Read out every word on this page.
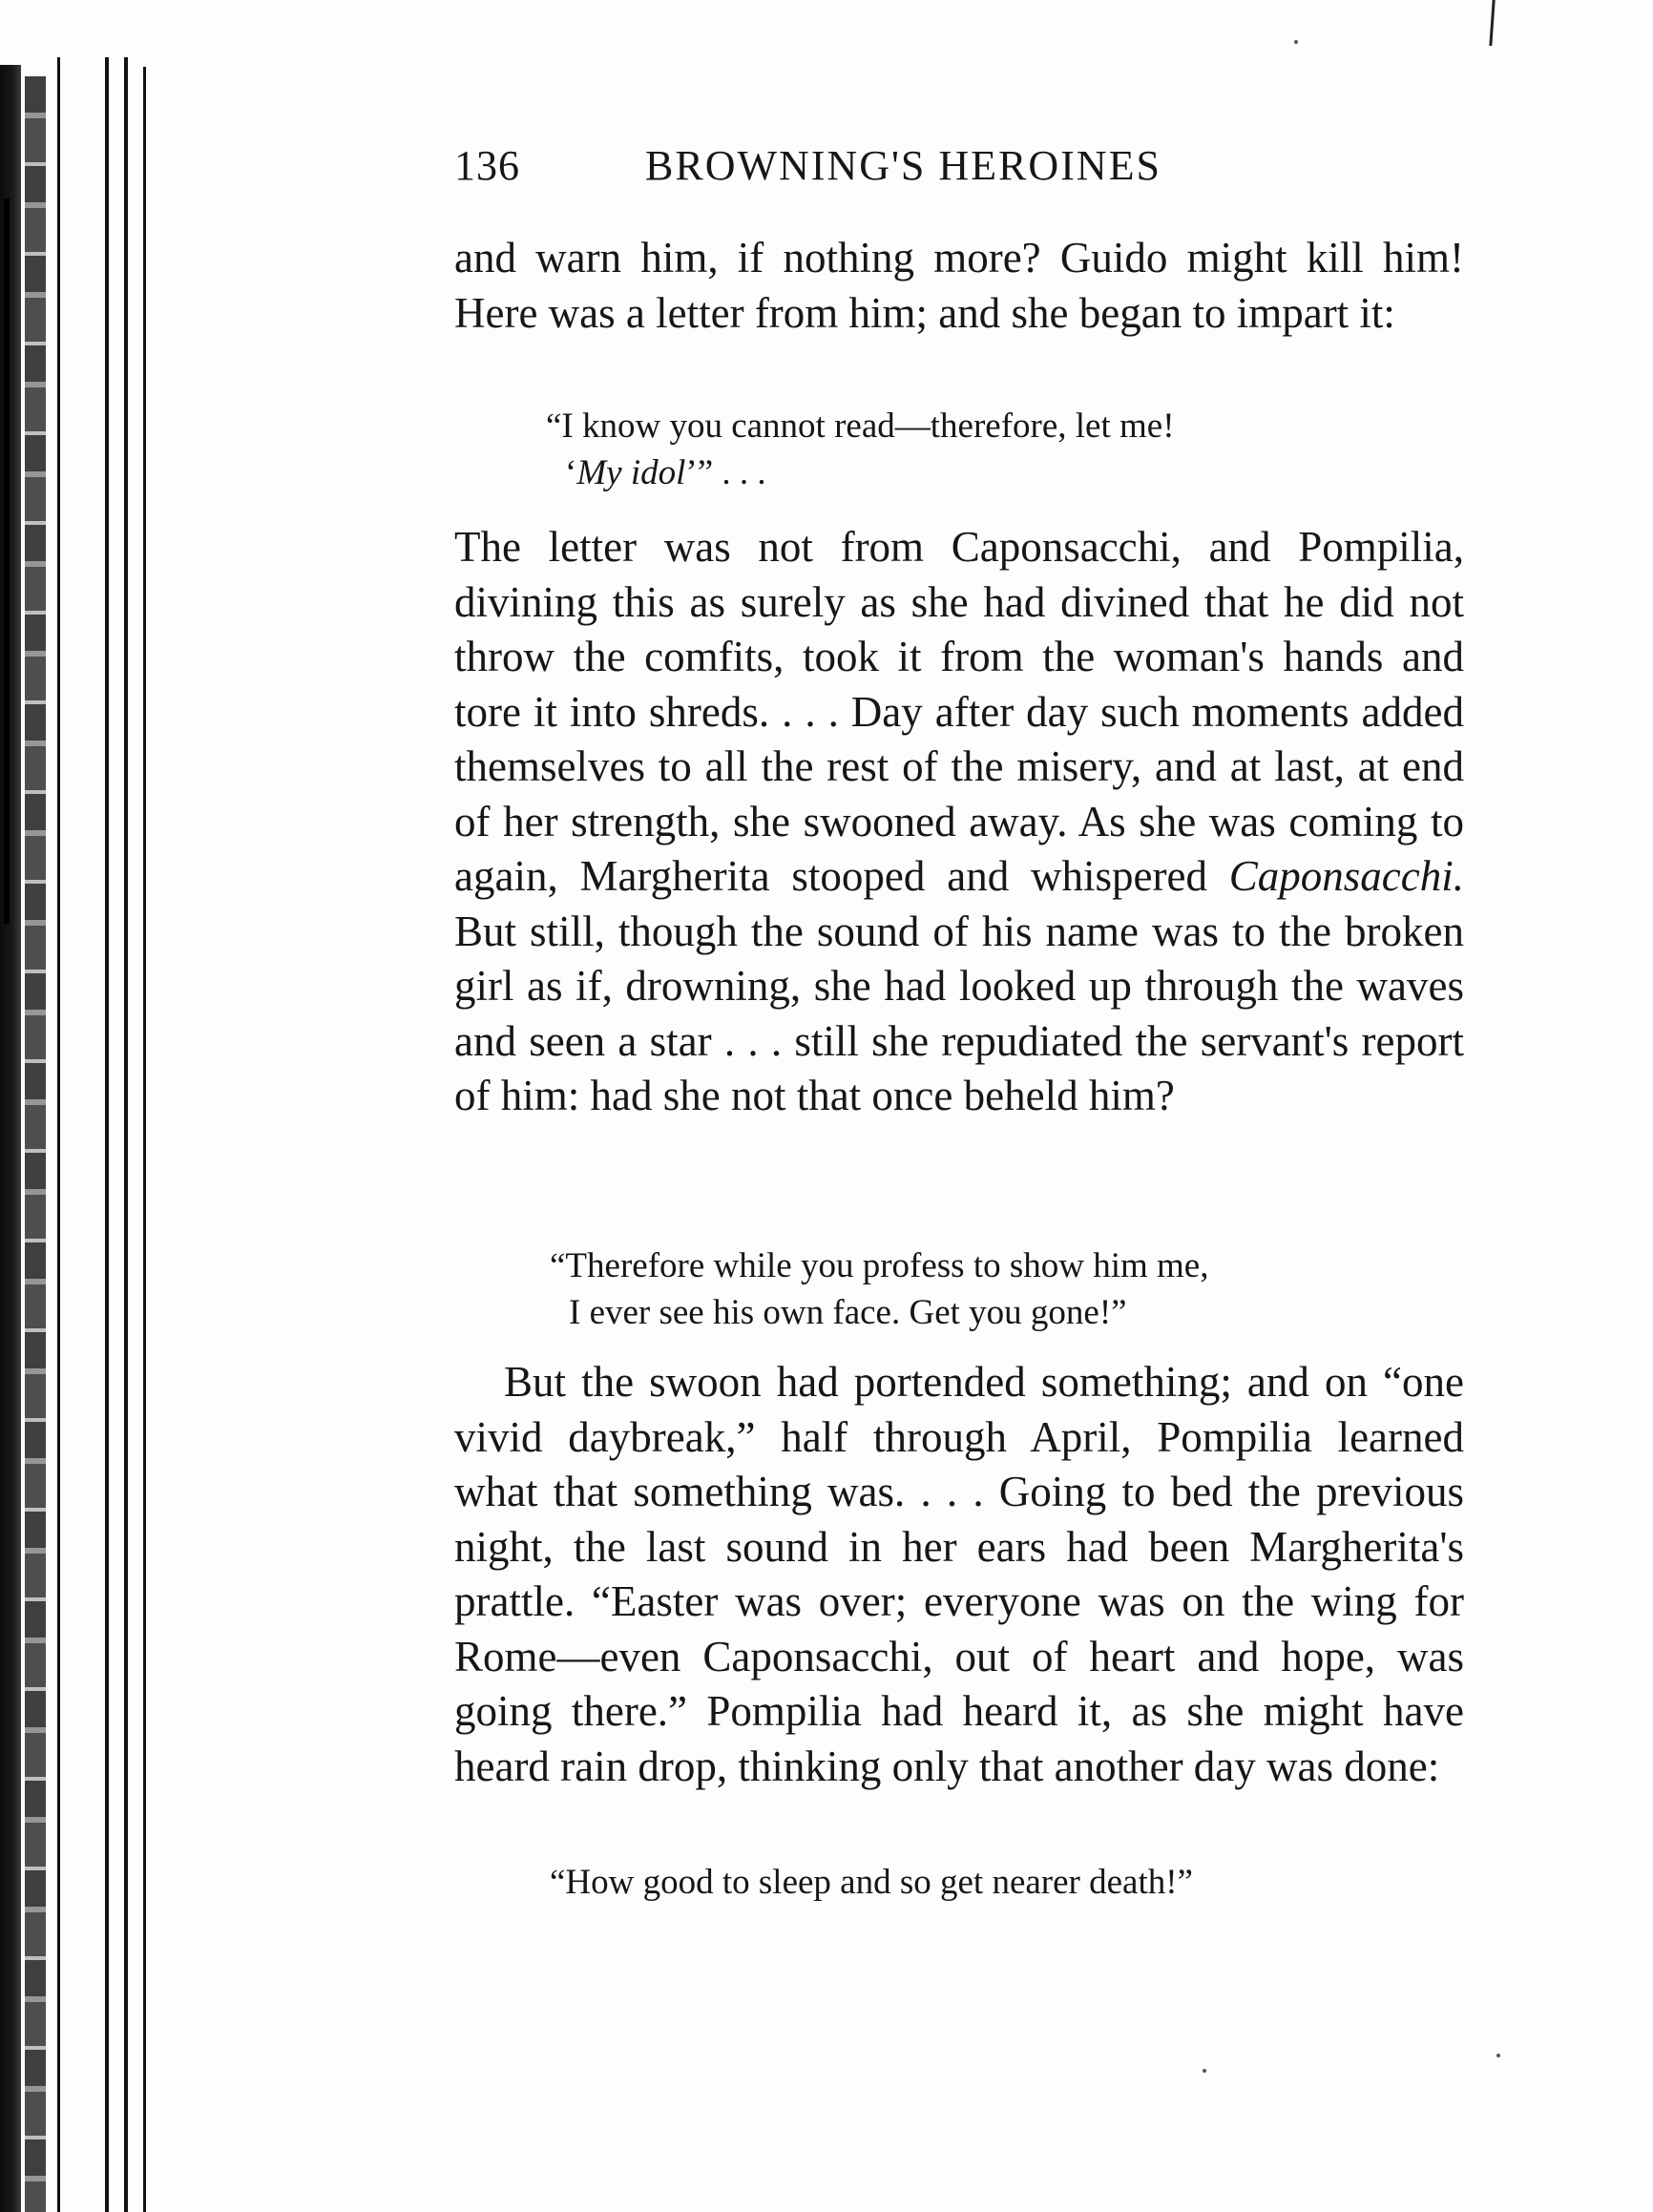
136	BROWNING'S HEROINES

and warn him, if nothing more? Guido might kill him! Here was a letter from him; and she began to impart it:

“I know you cannot read—therefore, let me!
‘My idol’” . . .

The letter was not from Caponsacchi, and Pompilia, divining this as surely as she had divined that he did not throw the comfits, took it from the woman's hands and tore it into shreds. . . . Day after day such moments added themselves to all the rest of the misery, and at last, at end of her strength, she swooned away. As she was coming to again, Margherita stooped and whispered Caponsacchi. But still, though the sound of his name was to the broken girl as if, drowning, she had looked up through the waves and seen a star . . . still she repudiated the servant's report of him: had she not that once beheld him?

“Therefore while you profess to show him me,
I ever see his own face. Get you gone!”

But the swoon had portended something; and on “one vivid daybreak,” half through April, Pompilia learned what that something was. . . . Going to bed the previous night, the last sound in her ears had been Margherita's prattle. “Easter was over; everyone was on the wing for Rome—even Caponsacchi, out of heart and hope, was going there.” Pompilia had heard it, as she might have heard rain drop, thinking only that another day was done:

“How good to sleep and so get nearer death!”
